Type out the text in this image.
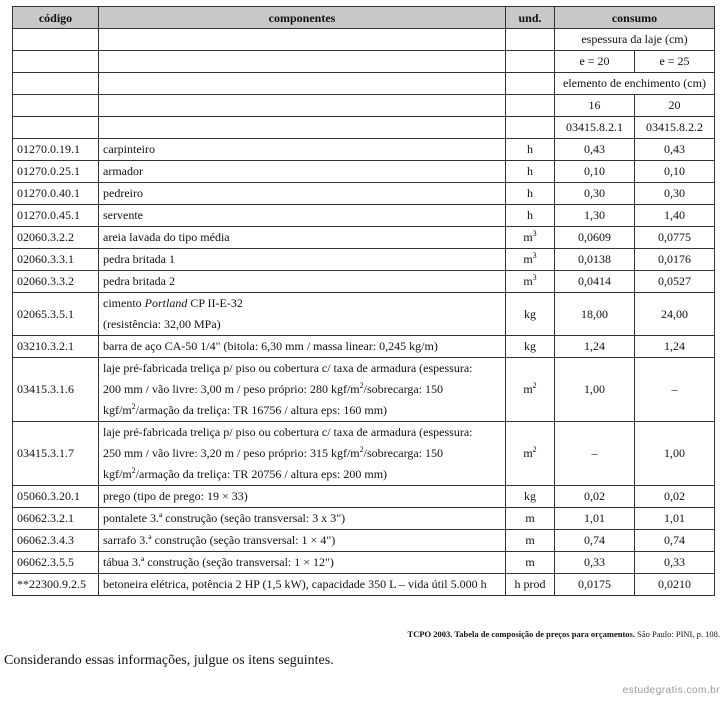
código	componentes	und.	consumo	
			espessura da laje (cm)	
			e = 20	e = 25
			elemento de enchimento (cm)	
			16	20
			03415.8.2.1	03415.8.2.2
01270.0.19.1	carpinteiro	h	0,43	0,43
01270.0.25.1	armador	h	0,10	0,10
01270.0.40.1	pedreiro	h	0,30	0,30
01270.0.45.1	servente	h	1,30	1,40
02060.3.2.2	areia lavada do tipo média	$m^3$	0,0609	0,0775
02060.3.3.1	pedra britada 1	$m^3$	0,0138	0,0176
02060.3.3.2	pedra britada 2	$m^3$	0,0414	0,0527
02065.3.5.1	cimento Portland CP II-E-32
(resistência: 32,00 MPa)	kg	18,00	24,00
03210.3.2.1	barra de aço CA-50 1/4" (bitola: 6,30 mm / massa linear: 0,245 kg/m)	kg	1,24	1,24
03415.3.1.6	laje pré-fabricada treliça p/ piso ou cobertura c/ taxa de armadura (espessura:
200 mm / vão livre: 3,00 m / peso próprio: 280 kgf/$m^2$/sobrecarga: 150
kgf/$m^2$/armação da treliça: TR 16756 / altura eps: 160 mm)	$m^2$	1,00	–
03415.3.1.7	laje pré-fabricada treliça p/ piso ou cobertura c/ taxa de armadura (espessura:
250 mm / vão livre: 3,20 m / peso próprio: 315 kgf/$m^2$/sobrecarga: 150
kgf/$m^2$/armação da treliça: TR 20756 / altura eps: 200 mm)	$m^2$	–	1,00
05060.3.20.1	prego (tipo de prego: 19 × 33)	kg	0,02	0,02
06062.3.2.1	pontalete 3.ª construção (seção transversal: 3 x 3")	m	1,01	1,01
06062.3.4.3	sarrafo 3.ª construção (seção transversal: 1 × 4")	m	0,74	0,74
06062.3.5.5	tábua 3.ª construção (seção transversal: 1 × 12")	m	0,33	0,33
**22300.9.2.5	betoneira elétrica, potência 2 HP (1,5 kW), capacidade 350 L – vida útil 5.000 h	h prod	0,0175	0,0210
TCPO 2003. Tabela de composição de preços para orçamentos. São Paulo: PINI, p. 108.
Considerando essas informações, julgue os itens seguintes.
estudegratis.com.br
